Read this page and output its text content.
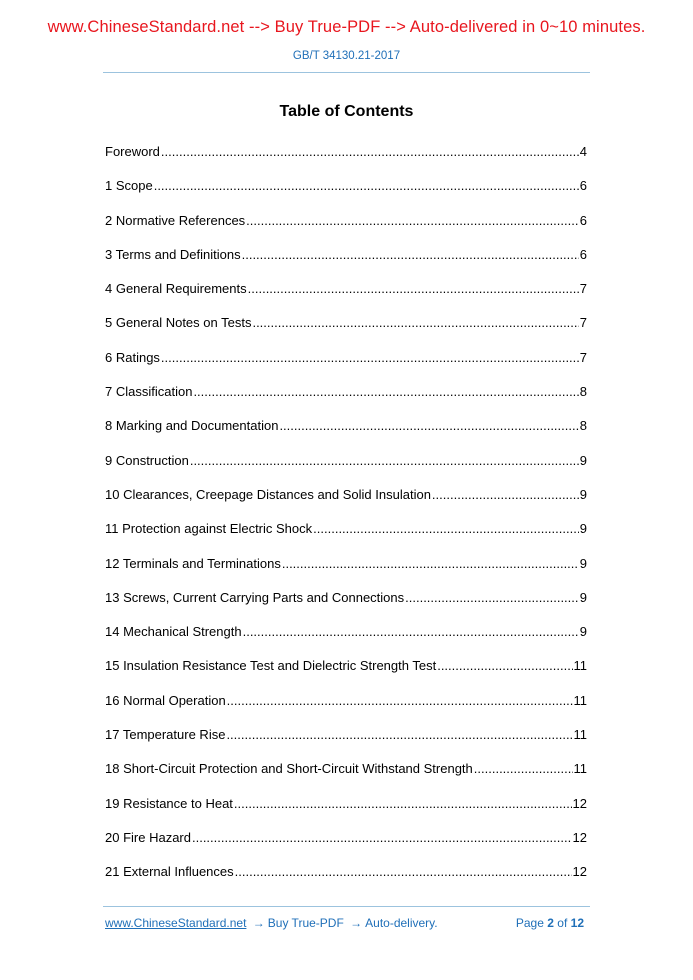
www.ChineseStandard.net --> Buy True-PDF --> Auto-delivered in 0~10 minutes.
GB/T 34130.21-2017
Table of Contents
Foreword .....	4
1 Scope .....	6
2 Normative References .....	6
3 Terms and Definitions .....	6
4 General Requirements .....	7
5 General Notes on Tests .....	7
6 Ratings .....	7
7 Classification .....	8
8 Marking and Documentation .....	8
9 Construction .....	9
10 Clearances, Creepage Distances and Solid Insulation .....	9
11 Protection against Electric Shock .....	9
12 Terminals and Terminations .....	9
13 Screws, Current Carrying Parts and Connections .....	9
14 Mechanical Strength .....	9
15 Insulation Resistance Test and Dielectric Strength Test .....	11
16 Normal Operation .....	11
17 Temperature Rise .....	11
18 Short-Circuit Protection and Short-Circuit Withstand Strength .....	11
19 Resistance to Heat .....	12
20 Fire Hazard .....	12
21 External Influences .....	12
www.ChineseStandard.net → Buy True-PDF → Auto-delivery.	Page 2 of 12
